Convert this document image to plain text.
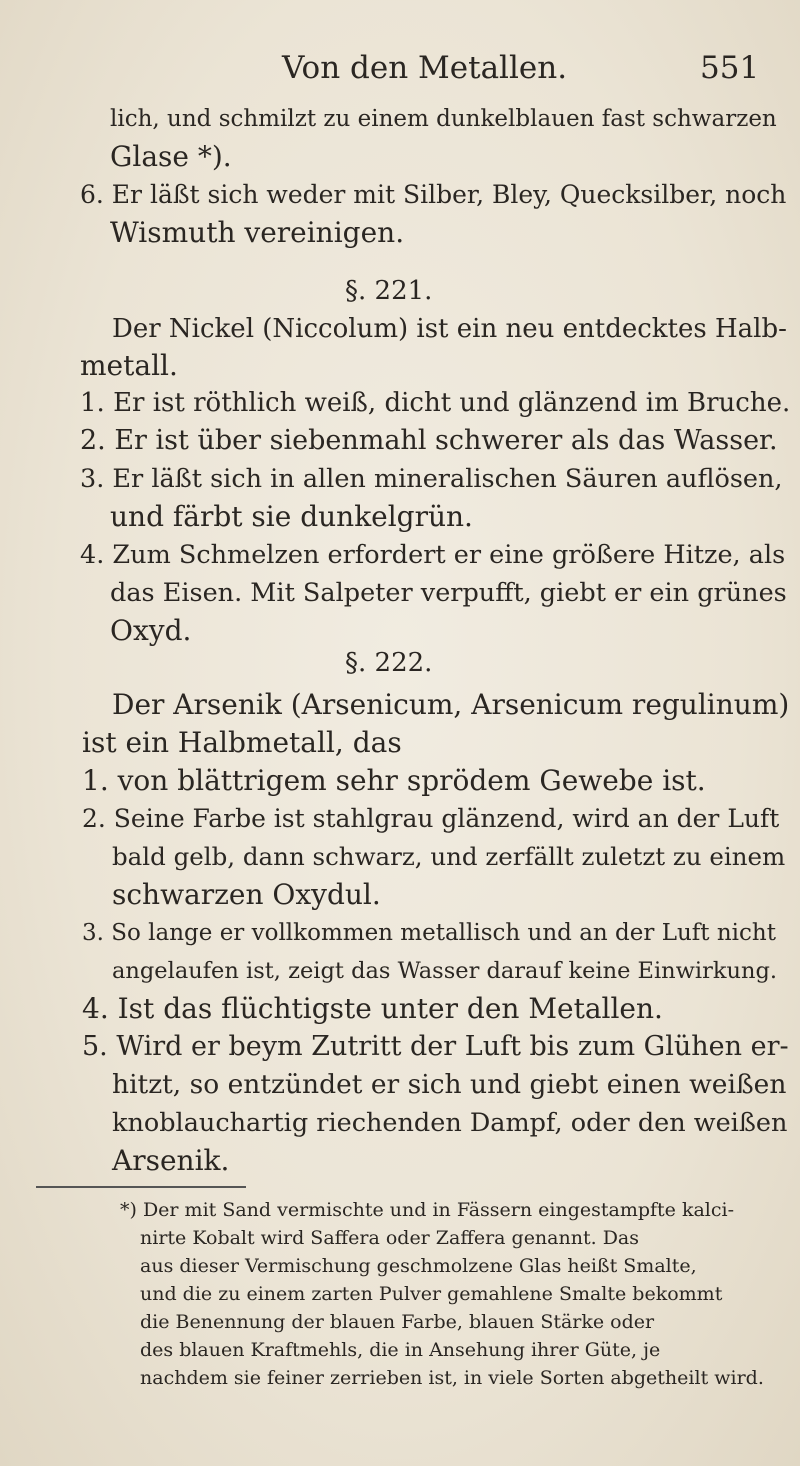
Von den Metallen.	551
lich, und schmilzt zu einem dunkelblauen fast schwarzen
Glase *).
6. Er läßt sich weder mit Silber, Bley, Quecksilber, noch
Wismuth vereinigen.
§. 221.
Der Nickel (Niccolum) ist ein neu entdecktes Halb-
metall.
1. Er ist röthlich weiß, dicht und glänzend im Bruche.
2. Er ist über siebenmahl schwerer als das Wasser.
3. Er läßt sich in allen mineralischen Säuren auflösen,
und färbt sie dunkelgrün.
4. Zum Schmelzen erfordert er eine größere Hitze, als
das Eisen. Mit Salpeter verpufft, giebt er ein grünes
Oxyd.
§. 222.
Der Arsenik (Arsenicum, Arsenicum regulinum)
ist ein Halbmetall, das
1. von blättrigem sehr sprödem Gewebe ist.
2. Seine Farbe ist stahlgrau glänzend, wird an der Luft
bald gelb, dann schwarz, und zerfällt zuletzt zu einem
schwarzen Oxydul.
3. So lange er vollkommen metallisch und an der Luft nicht
angelaufen ist, zeigt das Wasser darauf keine Einwirkung.
4. Ist das flüchtigste unter den Metallen.
5. Wird er beym Zutritt der Luft bis zum Glühen er-
hitzt, so entzündet er sich und giebt einen weißen
knoblauchartig riechenden Dampf, oder den weißen
Arsenik.
*) Der mit Sand vermischte und in Fässern eingestampfte kalci-
nirte Kobalt wird Saffera oder Zaffera genannt. Das
aus dieser Vermischung geschmolzene Glas heißt Smalte,
und die zu einem zarten Pulver gemahlene Smalte bekommt
die Benennung der blauen Farbe, blauen Stärke oder
des blauen Kraftmehls, die in Ansehung ihrer Güte, je
nachdem sie feiner zerrieben ist, in viele Sorten abgetheilt wird.
